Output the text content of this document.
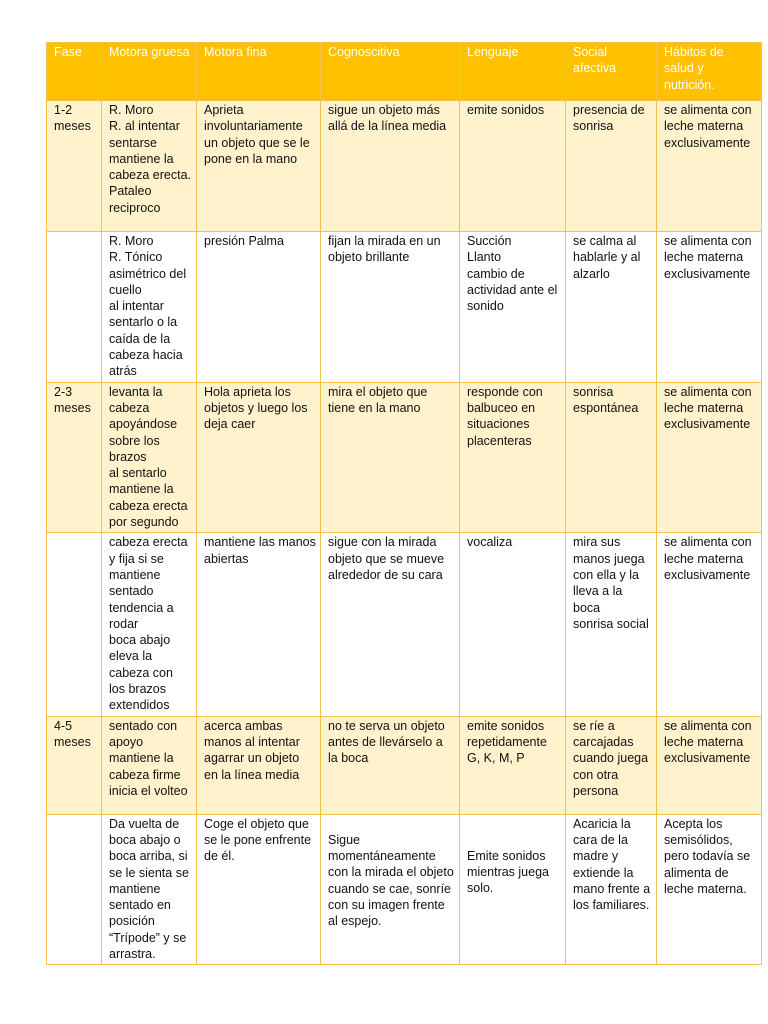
Fase	Motora gruesa	Motora fina	Cognoscitiva	Lenguaje	Social afectiva	Hábitos de salud y nutrición.
1-2 meses	R. Moro
R. al intentar sentarse mantiene la cabeza erecta.
Pataleo reciproco	Aprieta involuntariamente un objeto que se le pone en la mano	sigue un objeto más allá de la línea media	emite sonidos	presencia de sonrisa	se alimenta con leche materna exclusivamente

	R. Moro
R. Tónico asimétrico del cuello
al intentar sentarlo o la caída de la cabeza hacia atrás	presión Palma	fijan la mirada en un objeto brillante	Succión
Llanto
cambio de actividad ante el sonido	se calma al hablarle y al alzarlo	se alimenta con leche materna exclusivamente

2-3 meses	levanta la cabeza apoyándose sobre los brazos
al sentarlo mantiene la cabeza erecta por segundo	Hola aprieta los objetos y luego los deja caer	mira el objeto que tiene en la mano	responde con balbuceo en situaciones placenteras	sonrisa espontánea	se alimenta con leche materna exclusivamente

	cabeza erecta y fija si se mantiene sentado
tendencia a rodar
boca abajo eleva la cabeza con los brazos extendidos	mantiene las manos abiertas	sigue con la mirada objeto que se mueve alrededor de su cara	vocaliza	mira sus manos juega con ella y la lleva a la boca
sonrisa social	se alimenta con leche materna exclusivamente

4-5 meses	sentado con apoyo mantiene la cabeza firme inicia el volteo	acerca ambas manos al intentar agarrar un objeto en la línea media	no te serva un objeto antes de llevárselo a la boca	emite sonidos repetidamente G, K, M, P	se ríe a carcajadas cuando juega con otra persona	se alimenta con leche materna exclusivamente

	Da vuelta de boca abajo o boca arriba, si se le sienta se mantiene sentado en posición “Trípode” y se arrastra.	Coge el objeto que se le pone enfrente de él.	Sigue momentáneamente con la mirada el objeto cuando se cae, sonríe con su imagen frente al espejo.	Emite sonidos mientras juega solo.	Acaricia la cara de la madre y extiende la mano frente a los familiares.	Acepta los semisólidos, pero todavía se alimenta de leche materna.
